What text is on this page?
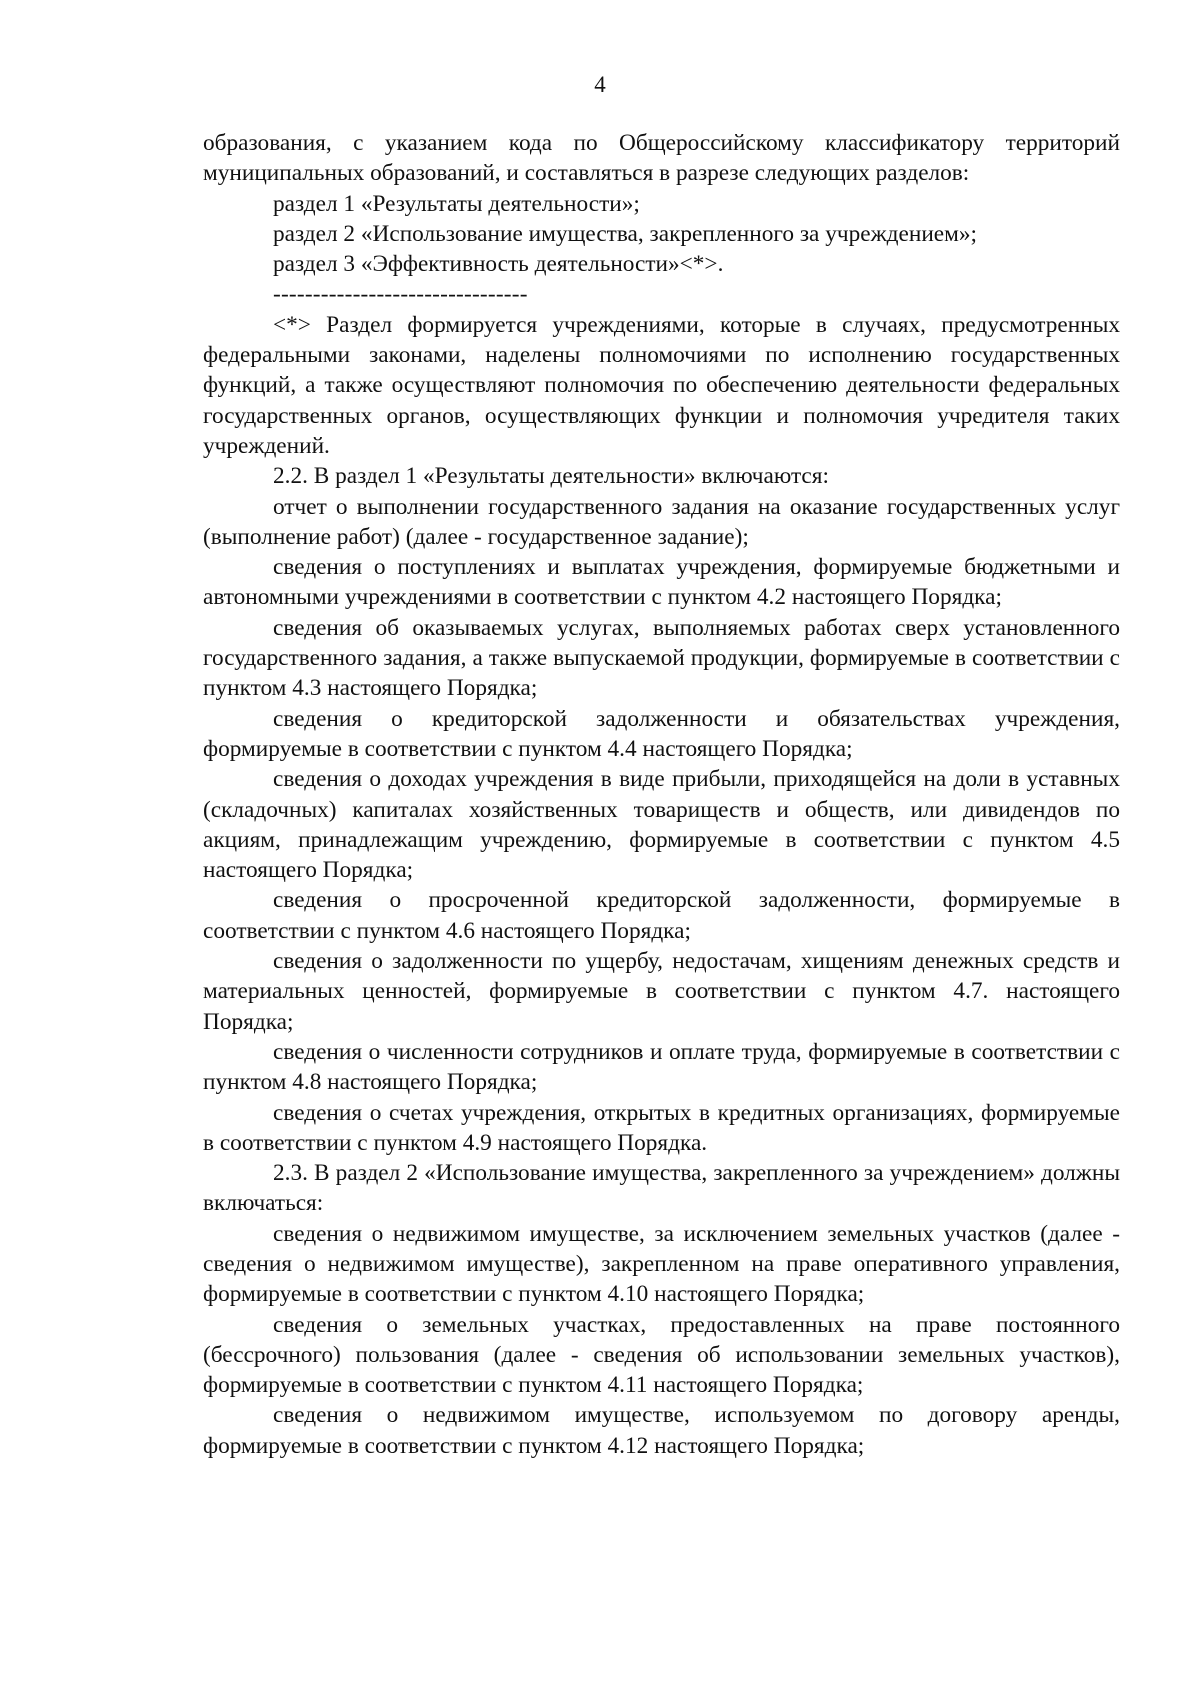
4

образования, с указанием кода по Общероссийскому классификатору территорий муниципальных образований, и составляться в разрезе следующих разделов:

раздел 1 «Результаты деятельности»;

раздел 2 «Использование имущества, закрепленного за учреждением»;

раздел 3 «Эффективность деятельности»<*>.

--------------------------------

<*> Раздел формируется учреждениями, которые в случаях, предусмотренных федеральными законами, наделены полномочиями по исполнению государственных функций, а также осуществляют полномочия по обеспечению деятельности федеральных государственных органов, осуществляющих функции и полномочия учредителя таких учреждений.

2.2. В раздел 1 «Результаты деятельности» включаются:

отчет о выполнении государственного задания на оказание государственных услуг (выполнение работ) (далее - государственное задание);

сведения о поступлениях и выплатах учреждения, формируемые бюджетными и автономными учреждениями в соответствии с пунктом 4.2 настоящего Порядка;

сведения об оказываемых услугах, выполняемых работах сверх установленного государственного задания, а также выпускаемой продукции, формируемые в соответствии с пунктом 4.3 настоящего Порядка;

сведения о кредиторской задолженности и обязательствах учреждения, формируемые в соответствии с пунктом 4.4 настоящего Порядка;

сведения о доходах учреждения в виде прибыли, приходящейся на доли в уставных (складочных) капиталах хозяйственных товариществ и обществ, или дивидендов по акциям, принадлежащим учреждению, формируемые в соответствии с пунктом 4.5 настоящего Порядка;

сведения о просроченной кредиторской задолженности, формируемые в соответствии с пунктом 4.6 настоящего Порядка;

сведения о задолженности по ущербу, недостачам, хищениям денежных средств и материальных ценностей, формируемые в соответствии с пунктом 4.7. настоящего Порядка;

сведения о численности сотрудников и оплате труда, формируемые в соответствии с пунктом 4.8 настоящего Порядка;

сведения о счетах учреждения, открытых в кредитных организациях, формируемые в соответствии с пунктом 4.9 настоящего Порядка.

2.3. В раздел 2 «Использование имущества, закрепленного за учреждением» должны включаться:

сведения о недвижимом имуществе, за исключением земельных участков (далее - сведения о недвижимом имуществе), закрепленном на праве оперативного управления, формируемые в соответствии с пунктом 4.10 настоящего Порядка;

сведения о земельных участках, предоставленных на праве постоянного (бессрочного) пользования (далее - сведения об использовании земельных участков), формируемые в соответствии с пунктом 4.11 настоящего Порядка;

сведения о недвижимом имуществе, используемом по договору аренды, формируемые в соответствии с пунктом 4.12 настоящего Порядка;
